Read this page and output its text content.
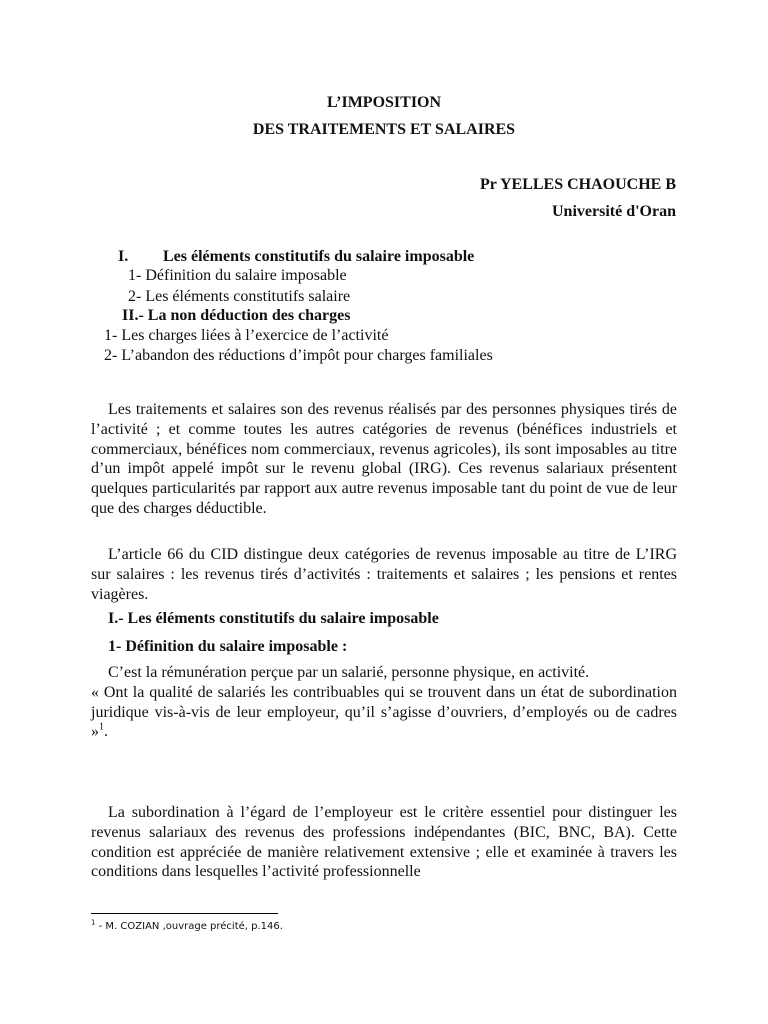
L’IMPOSITION
DES TRAITEMENTS ET SALAIRES
Pr YELLES CHAOUCHE B
Université d'Oran
I. Les éléments constitutifs du salaire imposable
1- Définition du salaire imposable
2- Les éléments constitutifs salaire
II.- La non déduction des charges
1- Les charges liées à l’exercice de l’activité
2- L’abandon des réductions d’impôt pour charges familiales

Les traitements et salaires son des revenus réalisés par des personnes physiques tirés de l’activité ; et comme toutes les autres catégories de revenus (bénéfices industriels et commerciaux, bénéfices nom commerciaux, revenus agricoles), ils sont imposables au titre d’un impôt appelé impôt sur le revenu global (IRG). Ces revenus salariaux présentent quelques particularités par rapport aux autre revenus imposable tant du point de vue de leur que des charges déductible.

L’article 66 du CID distingue deux catégories de revenus imposable au titre de L’IRG sur salaires : les revenus tirés d’activités : traitements et salaires ; les pensions et rentes viagères.

I.- Les éléments constitutifs du salaire imposable
1- Définition du salaire imposable :

C’est la rémunération perçue par un salarié, personne physique, en activité.

« Ont la qualité de salariés les contribuables qui se trouvent dans un état de subordination juridique vis-à-vis de leur employeur, qu’il s’agisse d’ouvriers, d’employés ou de cadres »$^1$.

La subordination à l’égard de l’employeur est le critère essentiel pour distinguer les revenus salariaux des revenus des professions indépendantes (BIC, BNC, BA). Cette condition est appréciée de manière relativement extensive ; elle et examinée à travers les conditions dans lesquelles l’activité professionnelle

$^1$ - M. COZIAN ,ouvrage précité, p.146.
